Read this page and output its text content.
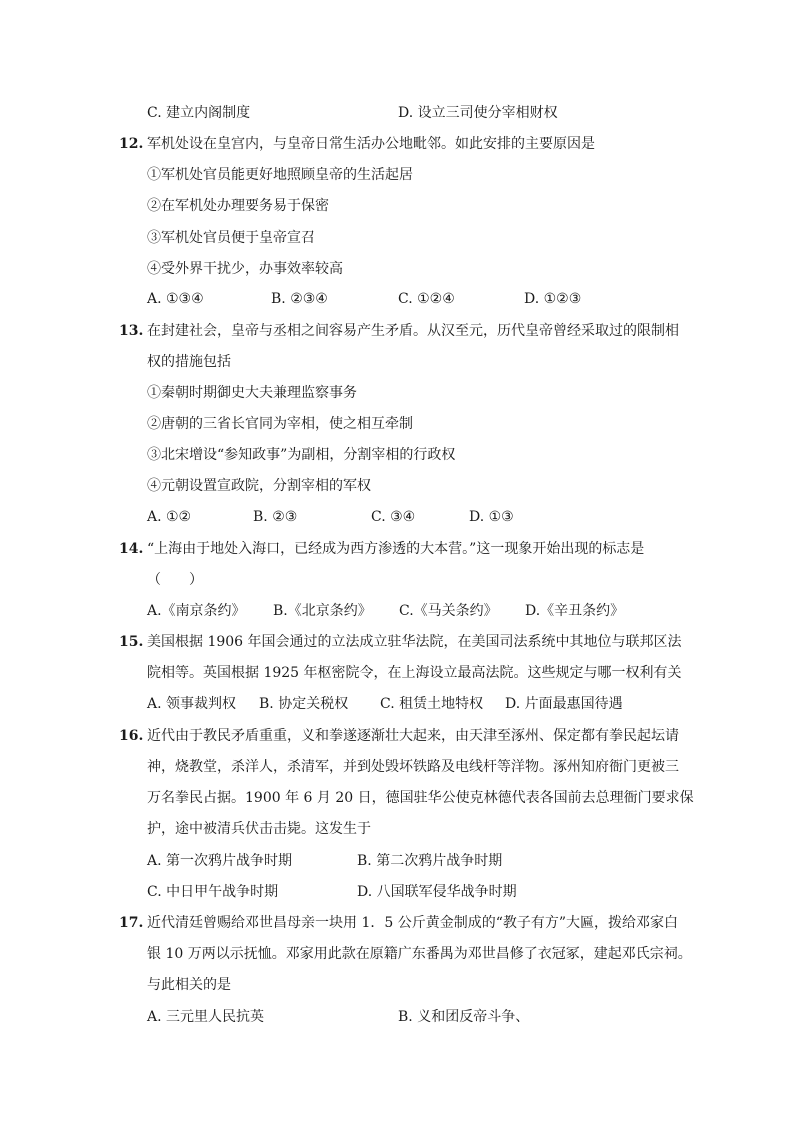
C. 建立内阁制度	D. 设立三司使分宰相财权
12. 军机处设在皇宫内，与皇帝日常生活办公地毗邻。如此安排的主要原因是
①军机处官员能更好地照顾皇帝的生活起居
②在军机处办理要务易于保密
③军机处官员便于皇帝宣召
④受外界干扰少，办事效率较高
A. ①③④	B. ②③④	C. ①②④	D. ①②③
13. 在封建社会，皇帝与丞相之间容易产生矛盾。从汉至元，历代皇帝曾经采取过的限制相
权的措施包括
①秦朝时期御史大夫兼理监察事务
②唐朝的三省长官同为宰相，使之相互牵制
③北宋增设“参知政事”为副相，分割宰相的行政权
④元朝设置宣政院，分割宰相的军权
A. ①②	B. ②③	C. ③④	D. ①③
14. “上海由于地处入海口，已经成为西方渗透的大本营。”这一现象开始出现的标志是
（　　）
A.《南京条约》 B.《北京条约》 C.《马关条约》 D.《辛丑条约》
15. 美国根据 1906 年国会通过的立法成立驻华法院，在美国司法系统中其地位与联邦区法
院相等。英国根据 1925 年枢密院令，在上海设立最高法院。这些规定与哪一权利有关
A. 领事裁判权 B. 协定关税权 C. 租赁土地特权 D. 片面最惠国待遇
16. 近代由于教民矛盾重重，义和拳遂逐渐壮大起来，由天津至涿州、保定都有拳民起坛请
神，烧教堂，杀洋人，杀清军，并到处毁坏铁路及电线杆等洋物。涿州知府衙门更被三
万名拳民占据。1900 年 6 月 20 日，德国驻华公使克林德代表各国前去总理衙门要求保
护，途中被清兵伏击击毙。这发生于
A. 第一次鸦片战争时期	B. 第二次鸦片战争时期
C. 中日甲午战争时期	D. 八国联军侵华战争时期
17. 近代清廷曾赐给邓世昌母亲一块用 1．5 公斤黄金制成的“教子有方”大匾，拨给邓家白
银 10 万两以示抚恤。邓家用此款在原籍广东番禺为邓世昌修了衣冠冢，建起邓氏宗祠。
与此相关的是
A. 三元里人民抗英	B. 义和团反帝斗争、
